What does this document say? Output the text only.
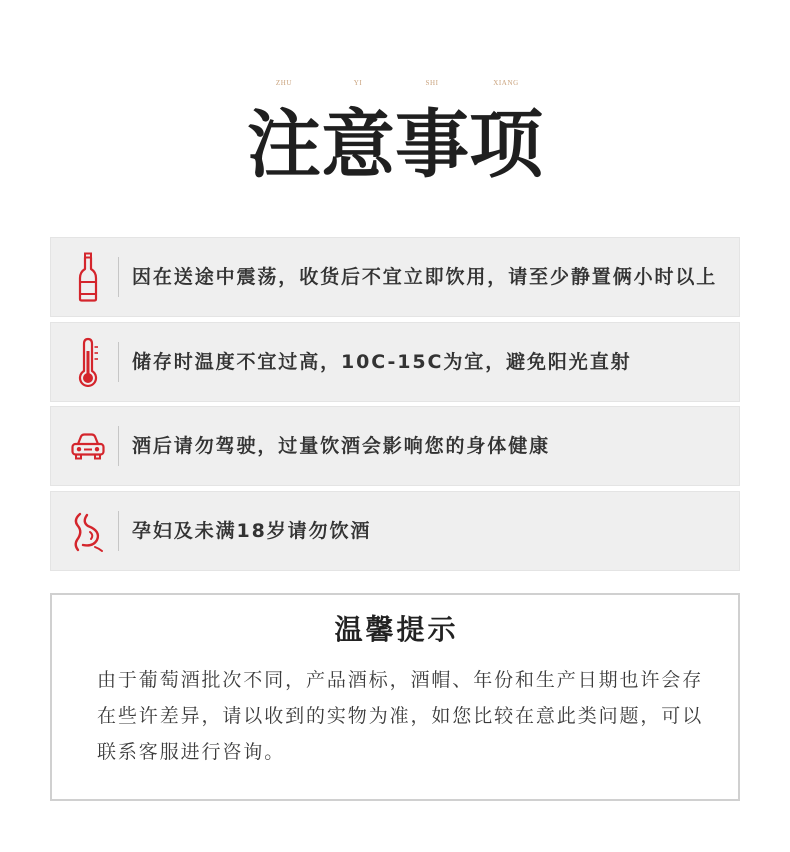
ZHU	YI	SHI	XIANG
注意事项
因在送途中震荡，收货后不宜立即饮用，请至少静置俩小时以上
储存时温度不宜过高，10C-15C为宜，避免阳光直射
酒后请勿驾驶，过量饮酒会影响您的身体健康
孕妇及未满18岁请勿饮酒
温馨提示
由于葡萄酒批次不同，产品酒标，酒帽、年份和生产日期也许会存
在些许差异，请以收到的实物为准，如您比较在意此类问题，可以
联系客服进行咨询。
